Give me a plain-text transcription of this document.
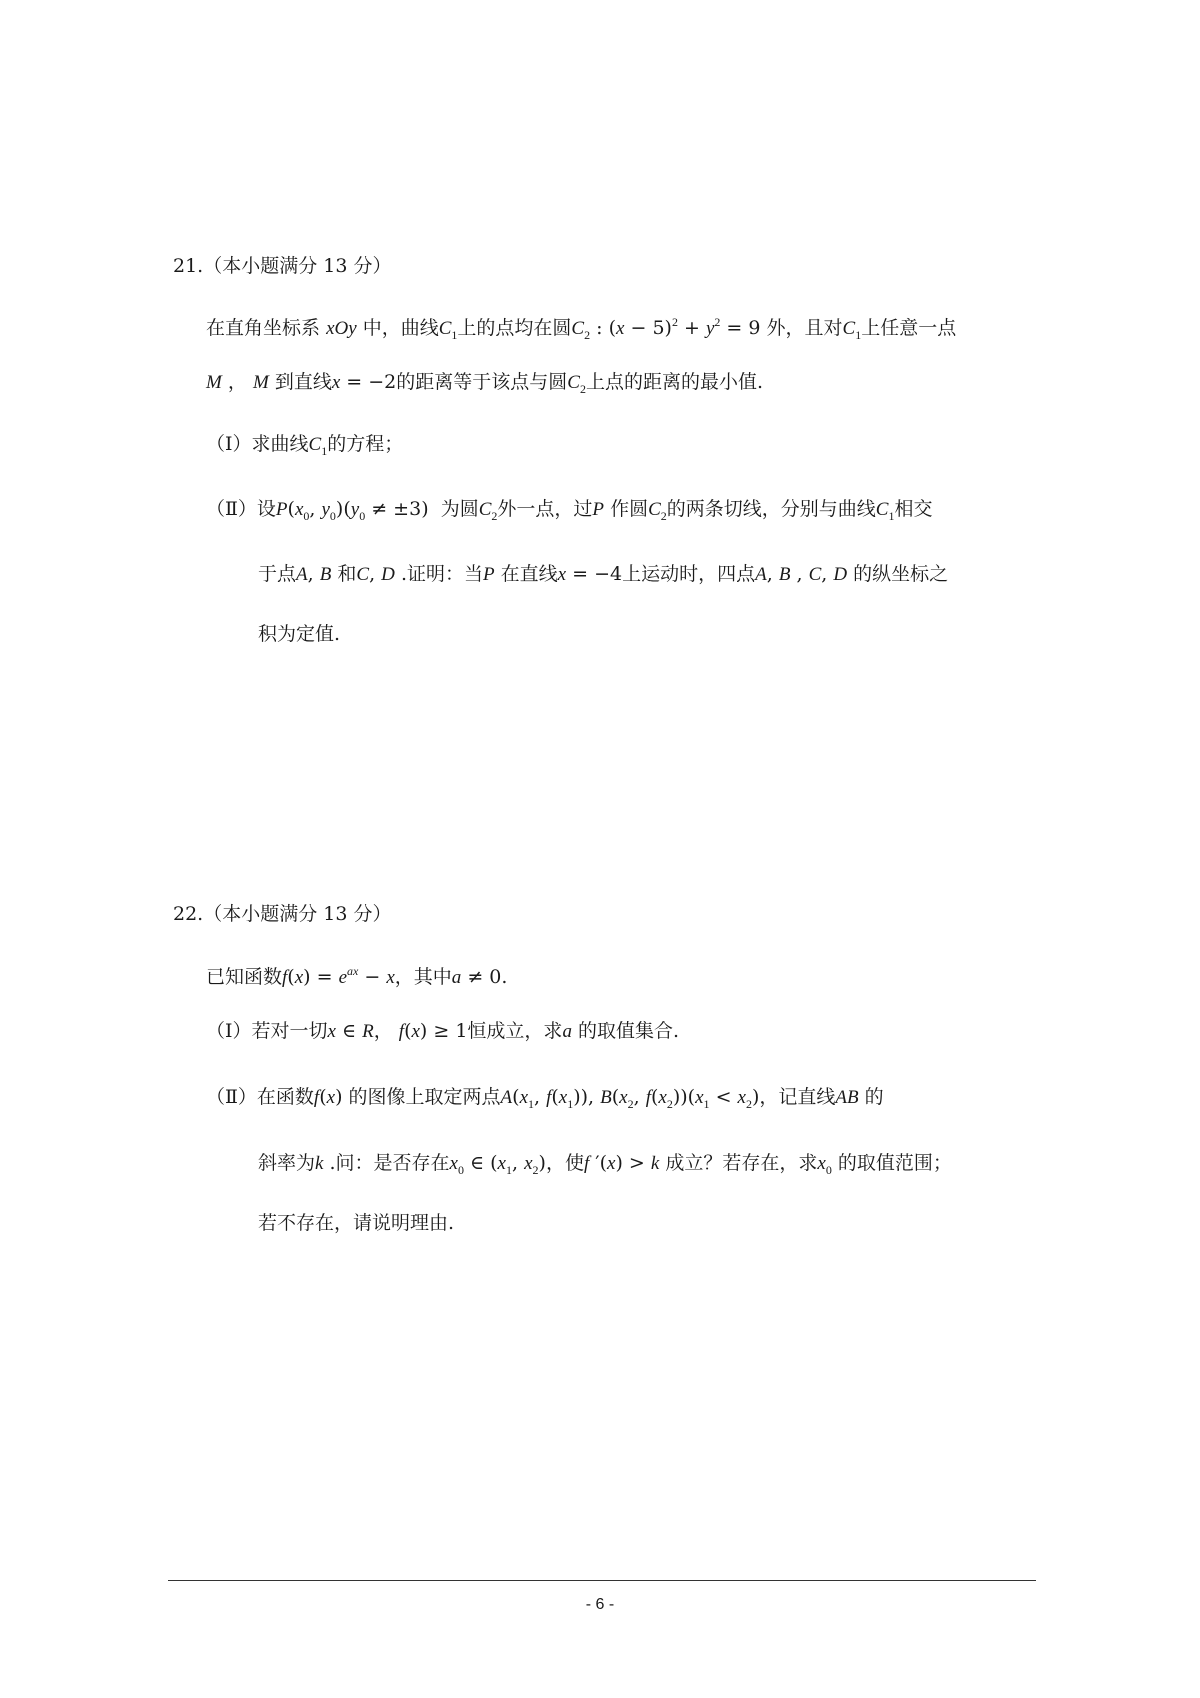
21.（本小题满分 13 分）
在直角坐标系 xOy 中，曲线$C_1$上的点均在圆$C_2$ : $(x - 5)^2 + y^2 = 9$ 外，且对$C_1$上任意一点
M ， M 到直线x = −2的距离等于该点与圆$C_2$上点的距离的最小值.
（Ⅰ）求曲线$C_1$的方程；
（Ⅱ）设$P(x_0$, $y_0)(y_0 \ne \pm 3)$  为圆$C_2$外一点，过P 作圆$C_2$的两条切线，分别与曲线$C_1$相交
于点A, B 和C, D .证明：当P 在直线x = −4上运动时，四点A, B , C, D 的纵坐标之
积为定值.
22.（本小题满分 13 分）
已知函数$f(x) = e^{ax} - x$，其中a ≠ 0.
（Ⅰ）若对一切x ∈ R， f(x) ≥ 1恒成立，求a 的取值集合.
（Ⅱ）在函数f(x) 的图像上取定两点$A(x_1$, $f(x_1)$), $B(x_2$, $f(x_2))(x_1 < x_2)$，记直线AB 的
斜率为k .问：是否存在$x_0$ ∈ ($x_1$, $x_2$)，使f ′(x) > k 成立？若存在，求$x_0$ 的取值范围；
若不存在，请说明理由.
- 6 -
